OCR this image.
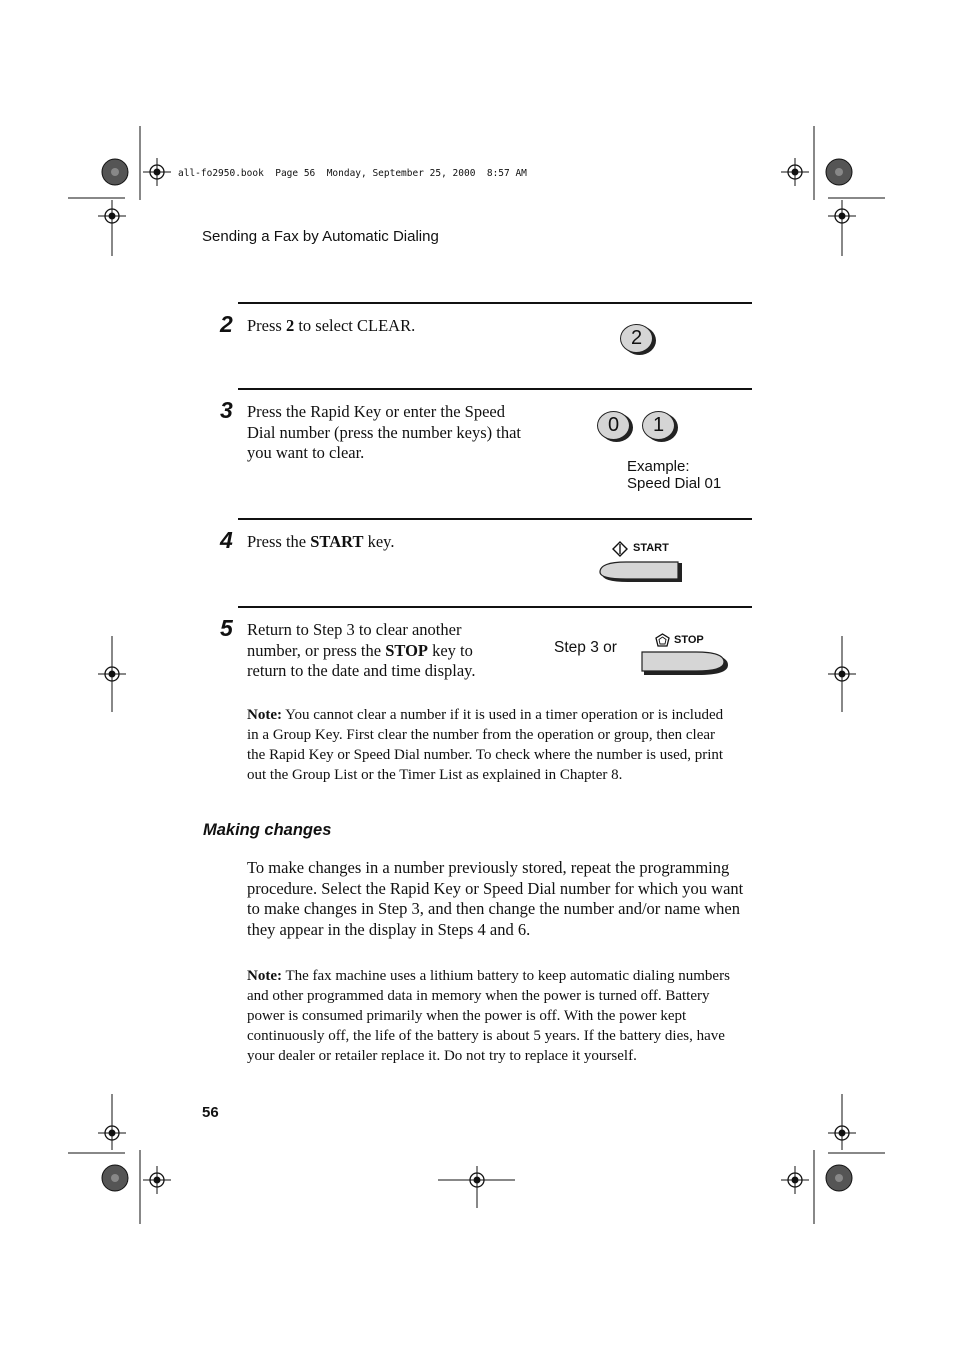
all-fo2950.book  Page 56  Monday, September 25, 2000  8:57 AM
Sending a Fax by Automatic Dialing
2 Press 2 to select CLEAR.
2
3 Press the Rapid Key or enter the Speed Dial number (press the number keys) that you want to clear.
0	1
Example:
Speed Dial 01
4 Press the START key.	START
5 Return to Step 3 to clear another number, or press the STOP key to return to the date and time display.
Step 3 or	STOP
Note: You cannot clear a number if it is used in a timer operation or is included in a Group Key. First clear the number from the operation or group, then clear the Rapid Key or Speed Dial number. To check where the number is used, print out the Group List or the Timer List as explained in Chapter 8.
Making changes
To make changes in a number previously stored, repeat the programming procedure. Select the Rapid Key or Speed Dial number for which you want to make changes in Step 3, and then change the number and/or name when they appear in the display in Steps 4 and 6.
Note: The fax machine uses a lithium battery to keep automatic dialing numbers and other programmed data in memory when the power is turned off. Battery power is consumed primarily when the power is off. With the power kept continuously off, the life of the battery is about 5 years. If the battery dies, have your dealer or retailer replace it. Do not try to replace it yourself.
56
